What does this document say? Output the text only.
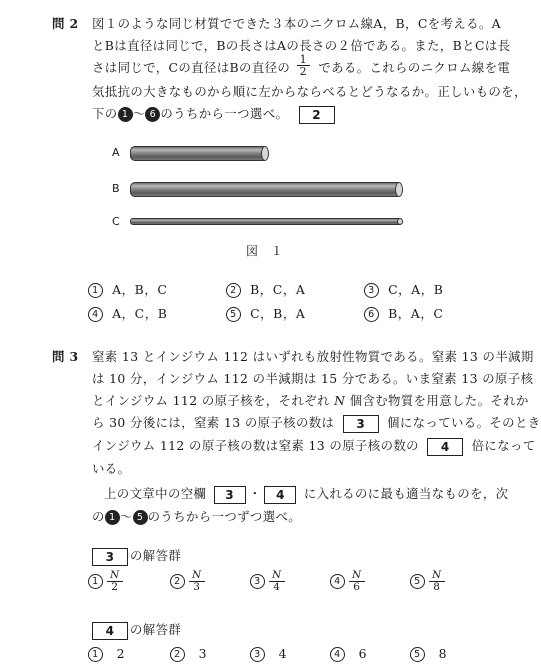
問 2 図１のような同じ材質でできた３本のニクロム線A，B，Cを考える。A
とBは直径は同じで，Bの長さはAの長さの２倍である。また，BとCは長
さは同じで，Cの直径はBの直径の $\frac{1}{2}$ である。これらのニクロム線を電
気抵抗の大きなものから順に左からならべるとどうなるか。正しいものを，
下の 1 〜 6 のうちから一つ選べ。 2
A
B
C
図　１
1 A，B，C	2 B，C，A	3 C，A，B
4 A，C，B	5 C，B，A	6 B，A，C
問 3 窒素 13 とインジウム 112 はいずれも放射性物質である。窒素 13 の半減期
は 10 分，インジウム 112 の半減期は 15 分である。いま窒素 13 の原子核
とインジウム 112 の原子核を，それぞれ N 個含む物質を用意した。それか
ら 30 分後には，窒素 13 の原子核の数は 3 個になっている。そのとき
インジウム 112 の原子核の数は窒素 13 の原子核の数の 4 倍になって
いる。
上の文章中の空欄 3 ・ 4 に入れるのに最も適当なものを，次
の 1 〜 5 のうちから一つずつ選べ。
3 の解答群
$1 \frac{N}{2}$	$2 \frac{N}{3}$	$3 \frac{N}{4}$	$4 \frac{N}{6}$	$5 \frac{N}{8}$
4 の解答群
1 2	2 3	3 4	4 6	5 8
